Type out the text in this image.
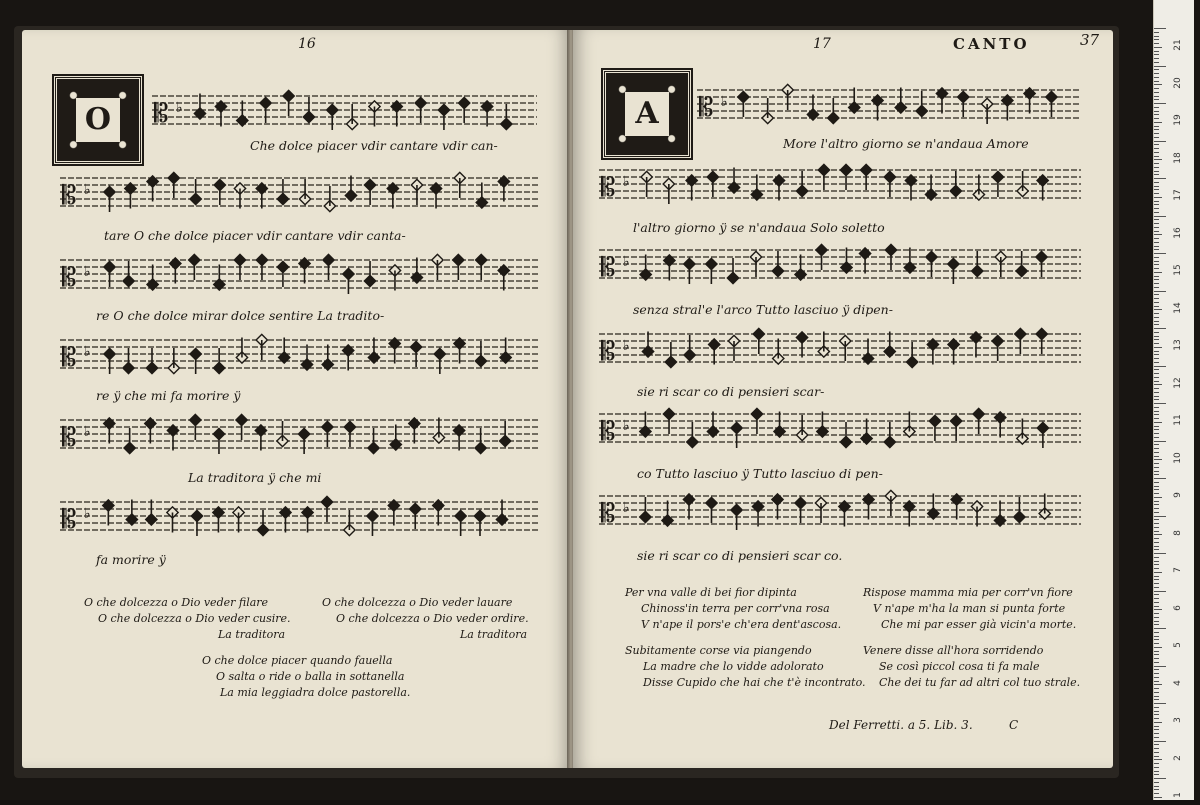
16
O	𝄡 ♭
Che dolce piacer vdir cantare vdir can-
𝄡 ♭
tare O che dolce piacer vdir cantare vdir canta-
𝄡 ♭
re O che dolce mirar dolce sentire La tradito-
𝄡 ♭
re ÿ che mi fa morire ÿ
𝄡 ♭
La traditora ÿ che mi
𝄡 ♭
fa morire ÿ
O che dolcezza o Dio veder filare
O che dolcezza o Dio veder cusire.
La traditora
O che dolcezza o Dio veder lauare
O che dolcezza o Dio veder ordire.
La traditora
O che dolce piacer quando fauella
O salta o ride o balla in sottanella
La mia leggiadra dolce pastorella.
17	CANTO	37
A	𝄡 ♭
More l'altro giorno se n'andaua Amore
𝄡 ♭
l'altro giorno ÿ se n'andaua Solo soletto
𝄡 ♭
senza stral'e l'arco Tutto lasciuo ÿ dipen-
𝄡 ♭
sie ri scar co di pensieri scar-
𝄡 ♭
co Tutto lasciuo ÿ Tutto lasciuo di pen-
𝄡 ♭
sie ri scar co di pensieri scar co.
Per vna valle di bei fior dipinta
Chinoss'in terra per corr'vna rosa
V n'ape il pors'e ch'era dent'ascosa.
Rispose mamma mia per corr'vn fiore
V n'ape m'ha la man si punta forte
Che mi par esser già vicin'a morte.
Subitamente corse via piangendo
La madre che lo vidde adolorato
Disse Cupido che hai che t'è incontrato.
Venere disse all'hora sorridendo
Se così piccol cosa ti fa male
Che dei tu far ad altri col tuo strale.
Del Ferretti. a 5. Lib. 3.	C
21
20
19
18
17
16
15
14
13
12
11
10
9
8
7
6
5
4
3
2
1
